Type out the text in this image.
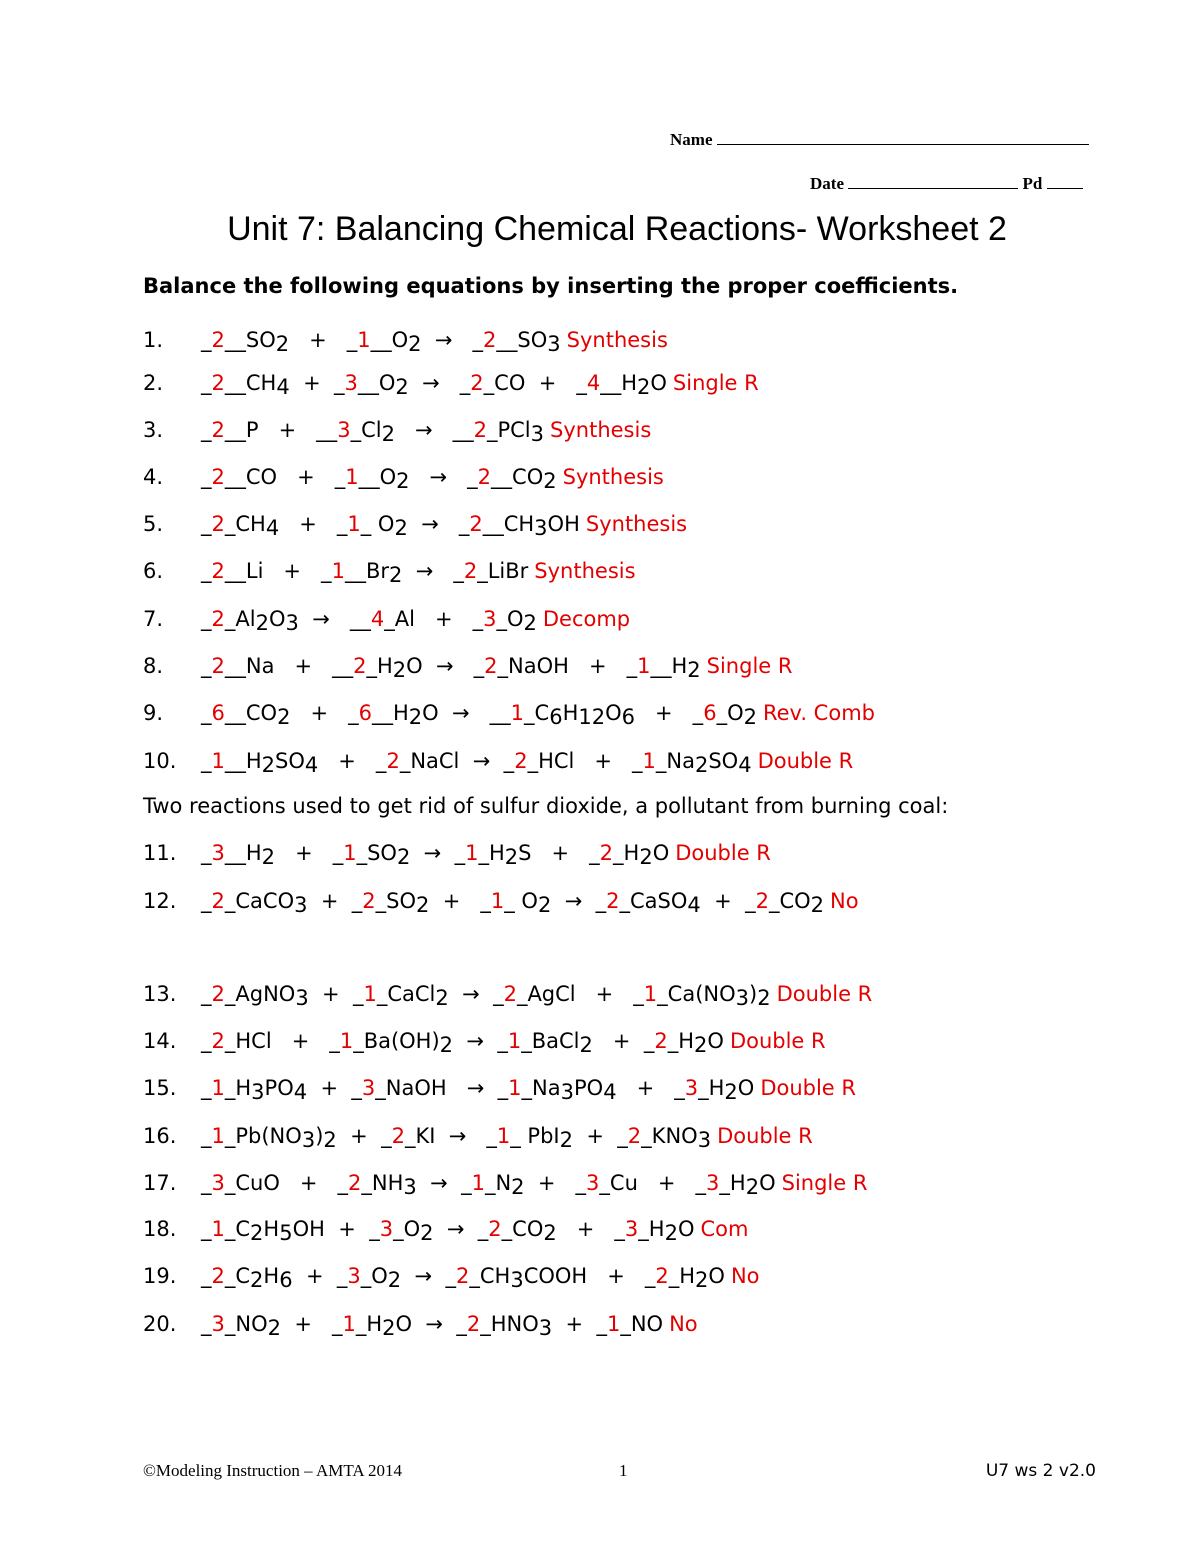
Name
Date	Pd
Unit 7: Balancing Chemical Reactions- Worksheet 2
Balance the following equations by inserting the proper coefficients.
1. $\_2\_\_SO_2$   +   $\_1\_\_O_2$  →   $\_2\_\_SO_3$ Synthesis
2. $\_2\_\_CH_4$  +  $\_3\_\_O_2$  →   _2_CO  +   $\_4\_\_H_2O$ Single R
3. _2__P   +   $\_\_3\_Cl_2$   →   __2_PCl$_3$ Synthesis
4. _2__CO   +   $\_1\_\_O_2$   →   $\_2\_\_CO_2$ Synthesis
5. $\_2\_CH_4$   +   _1_ $O_2$  →   $\_2\_\_CH_3OH$ Synthesis
6. _2__Li   +   $\_1\_\_Br_2$  →   _2_LiBr Synthesis
7. $\_2\_Al_2O_3$  →   __4_Al   +   $\_3\_O_2$ Decomp
8. _2__Na   +   $\_\_2\_H_2O$  →   _2_NaOH   +   $\_1\_\_H_2$ Single R
9. $\_6\_\_CO_2$   +   $\_6\_\_H_2O$  →   $\_\_1\_C_6H_{12}O_6$   +   $\_6\_O_2$ Rev. Comb
10. $\_1\_\_H_2SO_4$   +   _2_NaCl  →  _2_HCl   +   $\_1\_Na_2SO_4$ Double R
Two reactions used to get rid of sulfur dioxide, a pollutant from burning coal:
11. $\_3\_\_H_2$   +   $\_1\_SO_2$  →  $\_1\_H_2S$   +   $\_2\_H_2O$ Double R
12. _2_CaCO$_3$  +  $\_2\_SO_2$  +   _1_ $O_2$  →  _2_CaSO$_4$  +  $\_2\_CO_2$ No
13. _2_AgNO$_3$  +  _1_CaCl$_2$  →  _2_AgCl   +   $\_1\_Ca(NO_3)_2$ Double R
14. _2_HCl   +   $\_1\_Ba(OH)_2$  →  _1_BaCl$_2$   +  $\_2\_H_2O$ Double R
15. $\_1\_H_3PO_4$  +  _3_NaOH   →  $\_1\_Na_3PO_4$   +   $\_3\_H_2O$ Double R
16. $\_1\_Pb(NO_3)_2$  +  _2_KI  →   _1_ $PbI_2 + \_2\_KNO_3$ Double R
17. _3_CuO   +   $\_2\_NH_3$  →  $\_1\_N_2$  +   _3_Cu   +   $\_3\_H_2O$ Single R
18. $\_1\_C_2H_5OH$  +  $\_3\_O_2$  →  $\_2\_CO_2$   +   $\_3\_H_2O$ Com
19. $\_2\_C_2H_6$  +  $\_3\_O_2$  →  $\_2\_CH_3COOH$   +   $\_2\_H_2O$ No
20. $\_3\_NO_2$  +   $\_1\_H_2O$  →  $\_2\_HNO_3$  +  _1_NO No
©Modeling Instruction – AMTA 2014	1	U7 ws 2 v2.0
